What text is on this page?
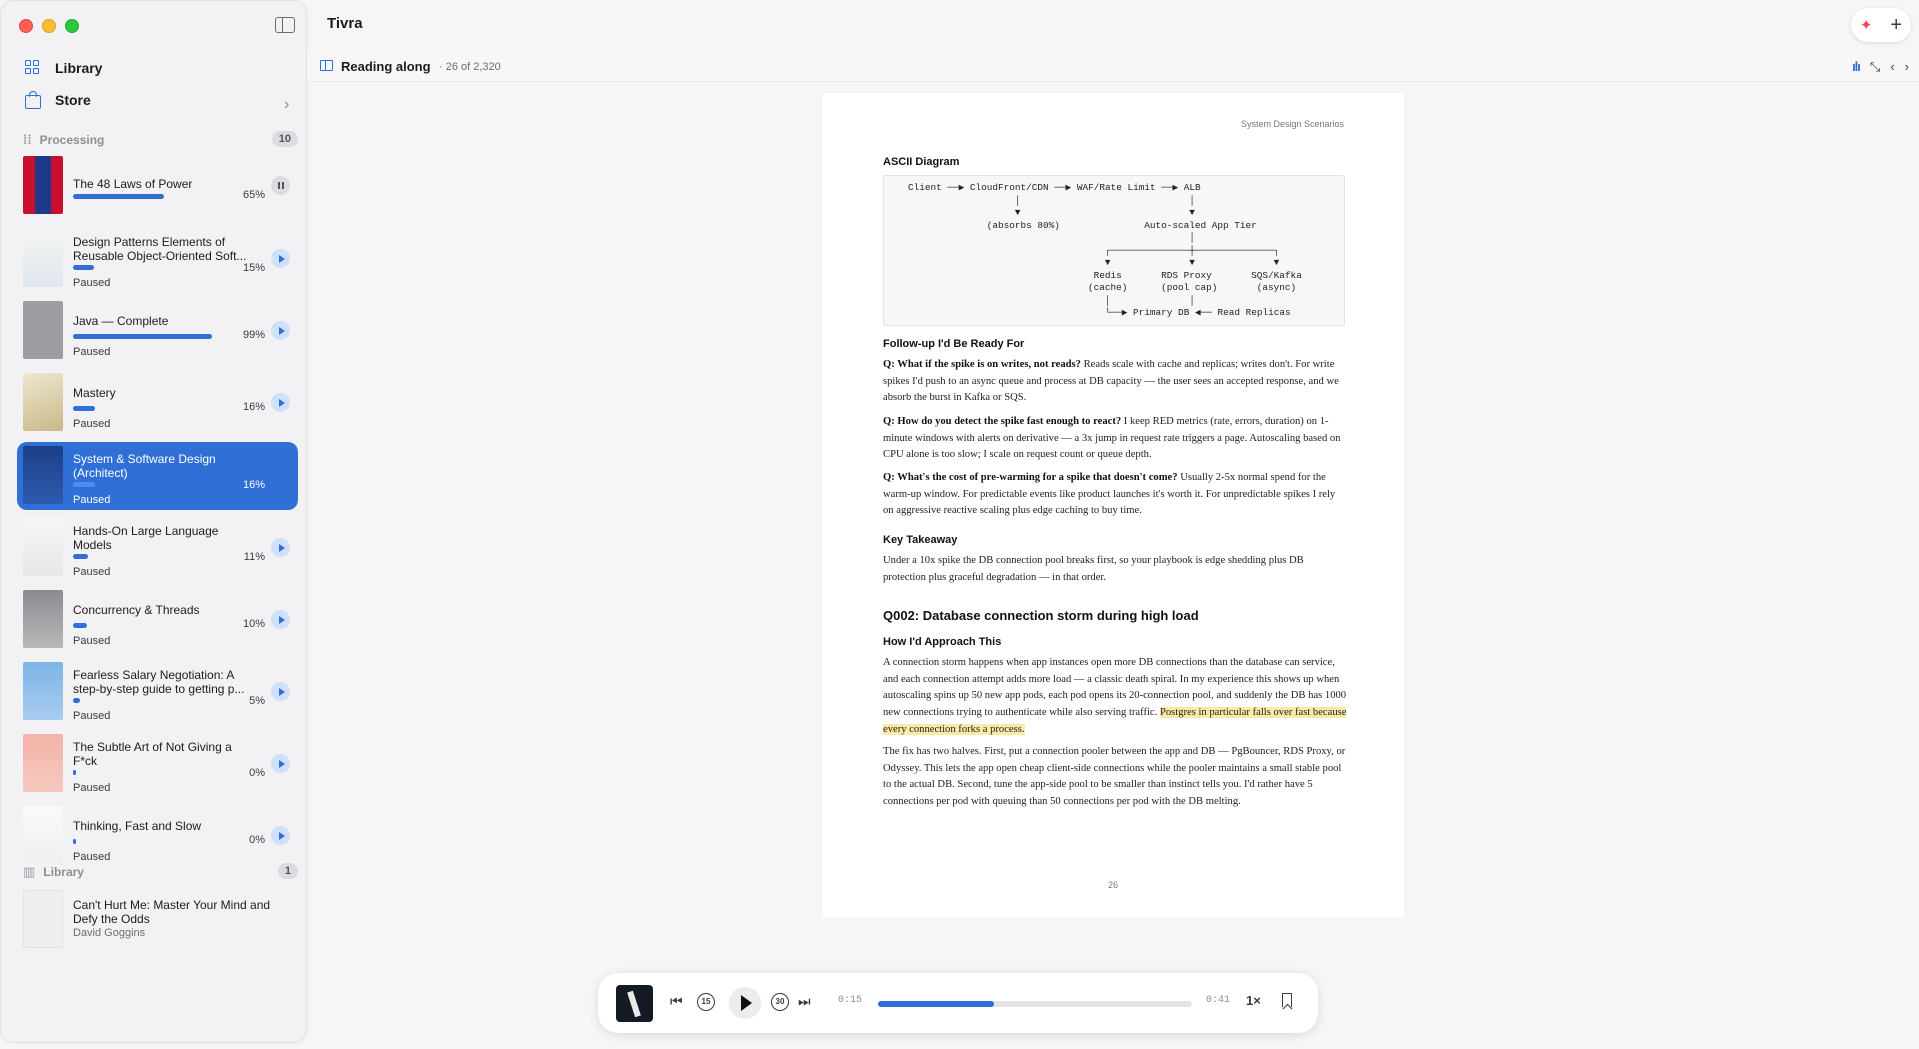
Library
Store	›
⁞⁞ Processing	10
The 48 Laws of Power
65%
Design Patterns Elements of Reusable Object-Oriented Soft...
15%
Paused
Java — Complete
99%
Paused
Mastery
16%
Paused
System & Software Design (Architect)
16%
Paused
Hands-On Large Language Models
11%
Paused
Concurrency & Threads
10%
Paused
Fearless Salary Negotiation: A step-by-step guide to getting p...
5%
Paused
The Subtle Art of Not Giving a F*ck
0%
Paused
Thinking, Fast and Slow
0%
Paused
▥ Library	1
Can't Hurt Me: Master Your Mind and Defy the Odds
David Goggins
Tivra	✦ +
Reading along · 26 of 2,320	ılı ⤡ ‹ ›
System Design Scenarios
ASCII Diagram
Client ──▶ CloudFront/CDN ──▶ WAF/Rate Limit ──▶ ALB
│                              │
▼                              ▼
(absorbs 80%)               Auto-scaled App Tier
│
┌──────────────┼──────────────┐
▼              ▼              ▼
Redis       RDS Proxy       SQS/Kafka
(cache)      (pool cap)       (async)
│              │
└──▶ Primary DB ◀── Read Replicas
Follow-up I'd Be Ready For
Q: What if the spike is on writes, not reads? Reads scale with cache and replicas; writes don't. For write spikes I'd push to an async queue and process at DB capacity — the user sees an accepted response, and we absorb the burst in Kafka or SQS.
Q: How do you detect the spike fast enough to react? I keep RED metrics (rate, errors, duration) on 1-minute windows with alerts on derivative — a 3x jump in request rate triggers a page. Autoscaling based on CPU alone is too slow; I scale on request count or queue depth.
Q: What's the cost of pre-warming for a spike that doesn't come? Usually 2-5x normal spend for the warm-up window. For predictable events like product launches it's worth it. For unpredictable spikes I rely on aggressive reactive scaling plus edge caching to buy time.
Key Takeaway
Under a 10x spike the DB connection pool breaks first, so your playbook is edge shedding plus DB protection plus graceful degradation — in that order.
Q002: Database connection storm during high load
How I'd Approach This
A connection storm happens when app instances open more DB connections than the database can service, and each connection attempt adds more load — a classic death spiral. In my experience this shows up when autoscaling spins up 50 new app pods, each pod opens its 20-connection pool, and suddenly the DB has 1000 new connections trying to authenticate while also serving traffic. Postgres in particular falls over fast because every connection forks a process.
The fix has two halves. First, put a connection pooler between the app and DB — PgBouncer, RDS Proxy, or Odyssey. This lets the app open cheap client-side connections while the pooler maintains a small stable pool to the actual DB. Second, tune the app-side pool to be smaller than instinct tells you. I'd rather have 5 connections per pod with queuing than 50 connections per pod with the DB melting.
26
⏮	15	30 ⏭	0:15	0:41 1×
